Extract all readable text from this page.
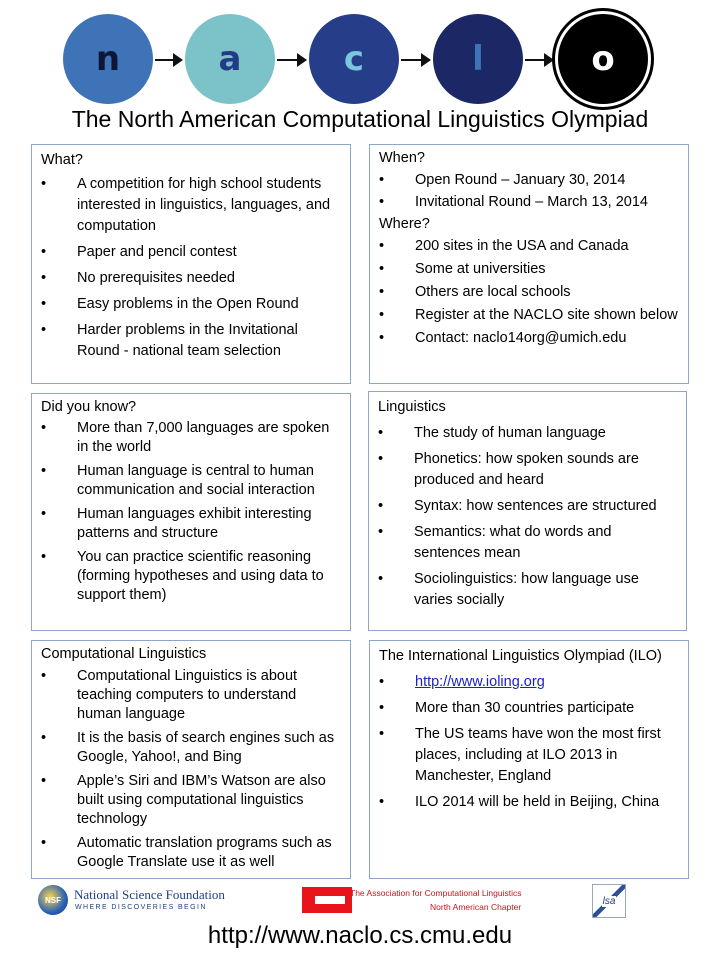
n	a	c	l	o
The North American Computational Linguistics Olympiad
What?
• A competition for high school students interested in linguistics, languages, and computation
• Paper and pencil contest
• No prerequisites needed
• Easy problems in the Open Round
• Harder problems in the Invitational Round - national team selection
When?
• Open Round – January 30, 2014
• Invitational Round – March 13, 2014
Where?
• 200 sites in the USA and Canada
• Some at universities
• Others are local schools
• Register at the NACLO site shown below
• Contact: naclo14org@umich.edu
Did you know?
• More than 7,000 languages are spoken in the world
• Human language is central to human communication and social interaction
• Human languages exhibit interesting patterns and structure
• You can practice scientific reasoning (forming hypotheses and using data to support them)
Linguistics
• The study of human language
• Phonetics: how spoken sounds are produced and heard
• Syntax: how sentences are structured
• Semantics: what do words and sentences mean
• Sociolinguistics: how language use varies socially
Computational Linguistics
• Computational Linguistics is about teaching computers to understand human language
• It is the basis of search engines such as Google, Yahoo!, and Bing
• Apple’s Siri and IBM’s Watson are also built using computational linguistics technology
• Automatic translation programs such as Google Translate use it as well
The International Linguistics Olympiad (ILO)
• http://www.ioling.org
• More than 30 countries participate
• The US teams have won the most first places, including at ILO 2013 in Manchester, England
• ILO 2014 will be held in Beijing, China
NSF National Science Foundation
WHERE DISCOVERIES BEGIN
The Association for Computational Linguistics
North American Chapter
lsa
http://www.naclo.cs.cmu.edu
